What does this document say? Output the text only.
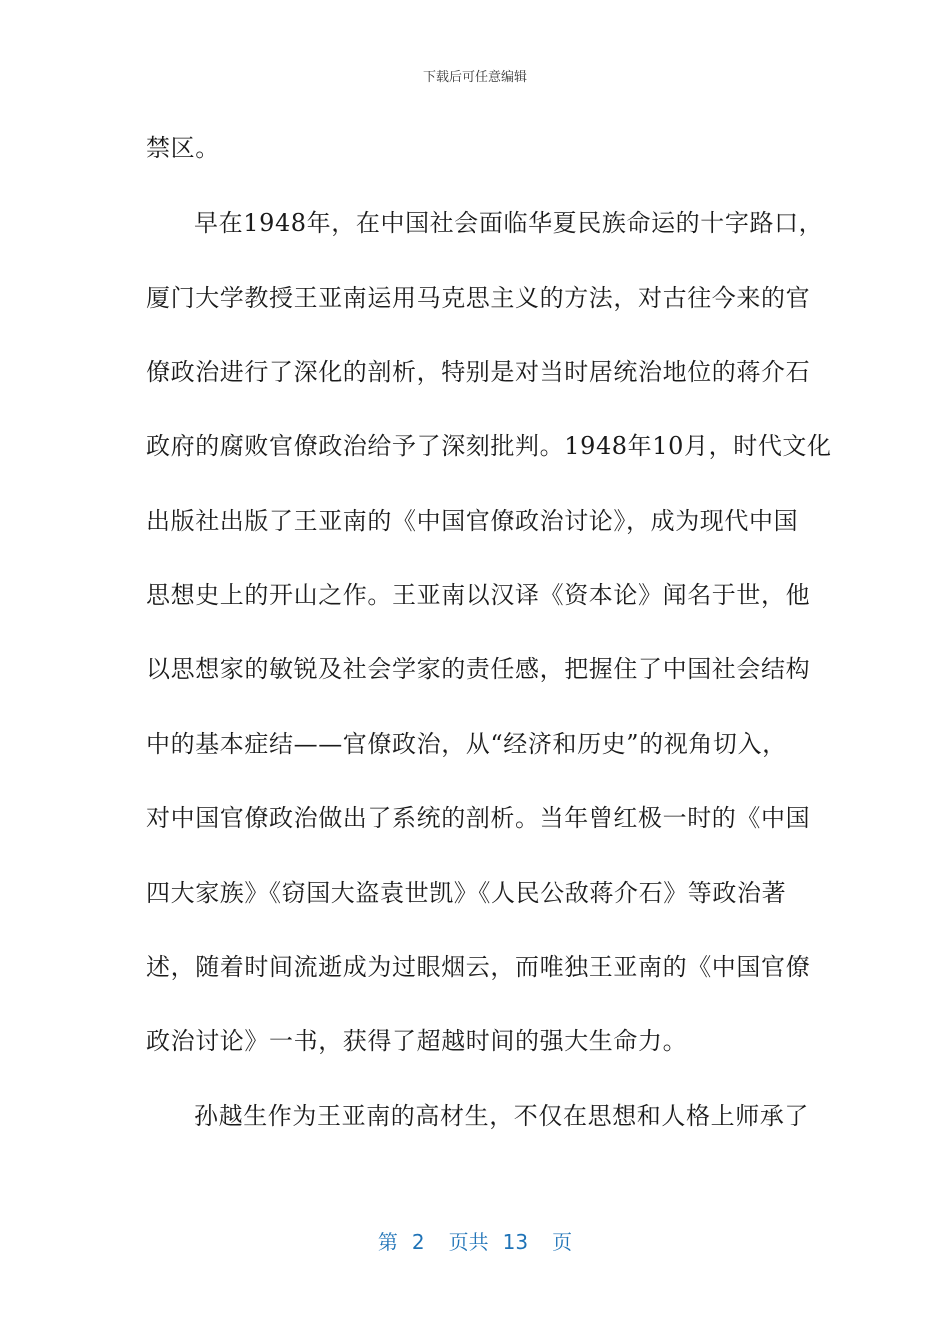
下载后可任意编辑
禁区。
早在1948年，在中国社会面临华夏民族命运的十字路口，
厦门大学教授王亚南运用马克思主义的方法，对古往今来的官
僚政治进行了深化的剖析，特别是对当时居统治地位的蒋介石
政府的腐败官僚政治给予了深刻批判。1948年10月，时代文化
出版社出版了王亚南的《中国官僚政治讨论》，成为现代中国
思想史上的开山之作。王亚南以汉译《资本论》闻名于世，他
以思想家的敏锐及社会学家的责任感，把握住了中国社会结构
中的基本症结——官僚政治，从“经济和历史”的视角切入，
对中国官僚政治做出了系统的剖析。当年曾红极一时的《中国
四大家族》《窃国大盗袁世凯》《人民公敌蒋介石》等政治著
述，随着时间流逝成为过眼烟云，而唯独王亚南的《中国官僚
政治讨论》一书，获得了超越时间的强大生命力。
孙越生作为王亚南的高材生，不仅在思想和人格上师承了
第 2 页共 13 页
